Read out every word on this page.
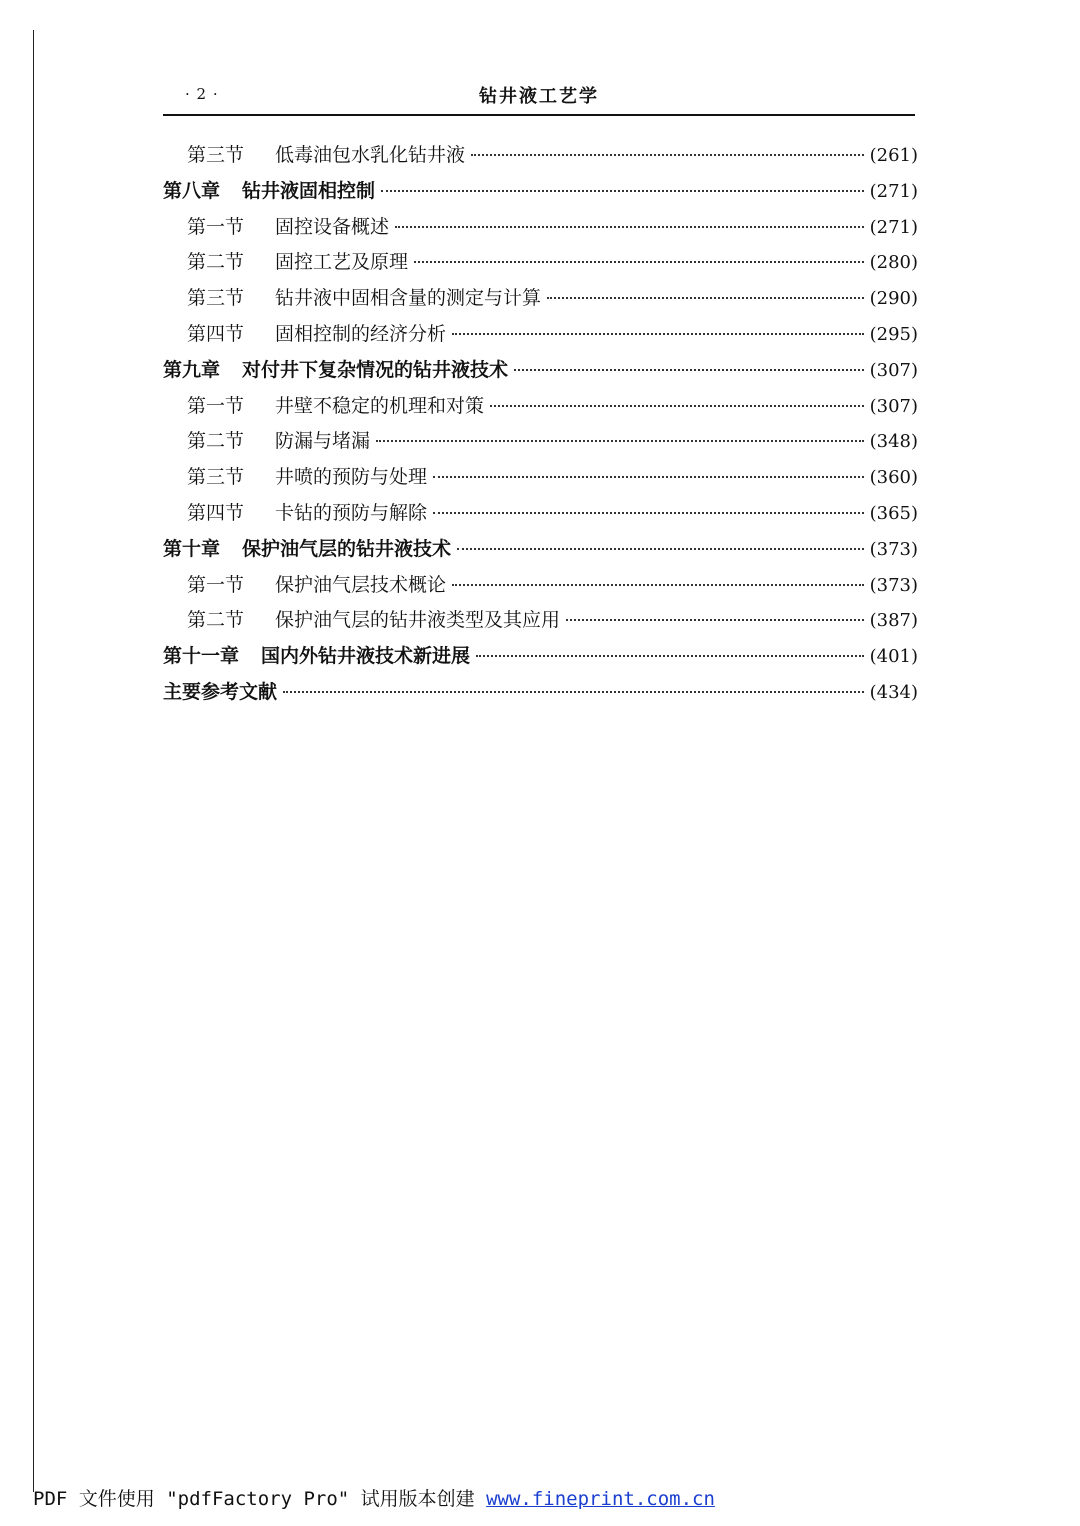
· 2 ·	钻井液工艺学
第三节 低毒油包水乳化钻井液	(261)
第八章 钻井液固相控制	(271)
第一节 固控设备概述	(271)
第二节 固控工艺及原理	(280)
第三节 钻井液中固相含量的测定与计算	(290)
第四节 固相控制的经济分析	(295)
第九章 对付井下复杂情况的钻井液技术	(307)
第一节 井壁不稳定的机理和对策	(307)
第二节 防漏与堵漏	(348)
第三节 井喷的预防与处理	(360)
第四节 卡钻的预防与解除	(365)
第十章 保护油气层的钻井液技术	(373)
第一节 保护油气层技术概论	(373)
第二节 保护油气层的钻井液类型及其应用	(387)
第十一章 国内外钻井液技术新进展	(401)
主要参考文献	(434)
PDF 文件使用 "pdfFactory Pro" 试用版本创建 www.fineprint.com.cn
